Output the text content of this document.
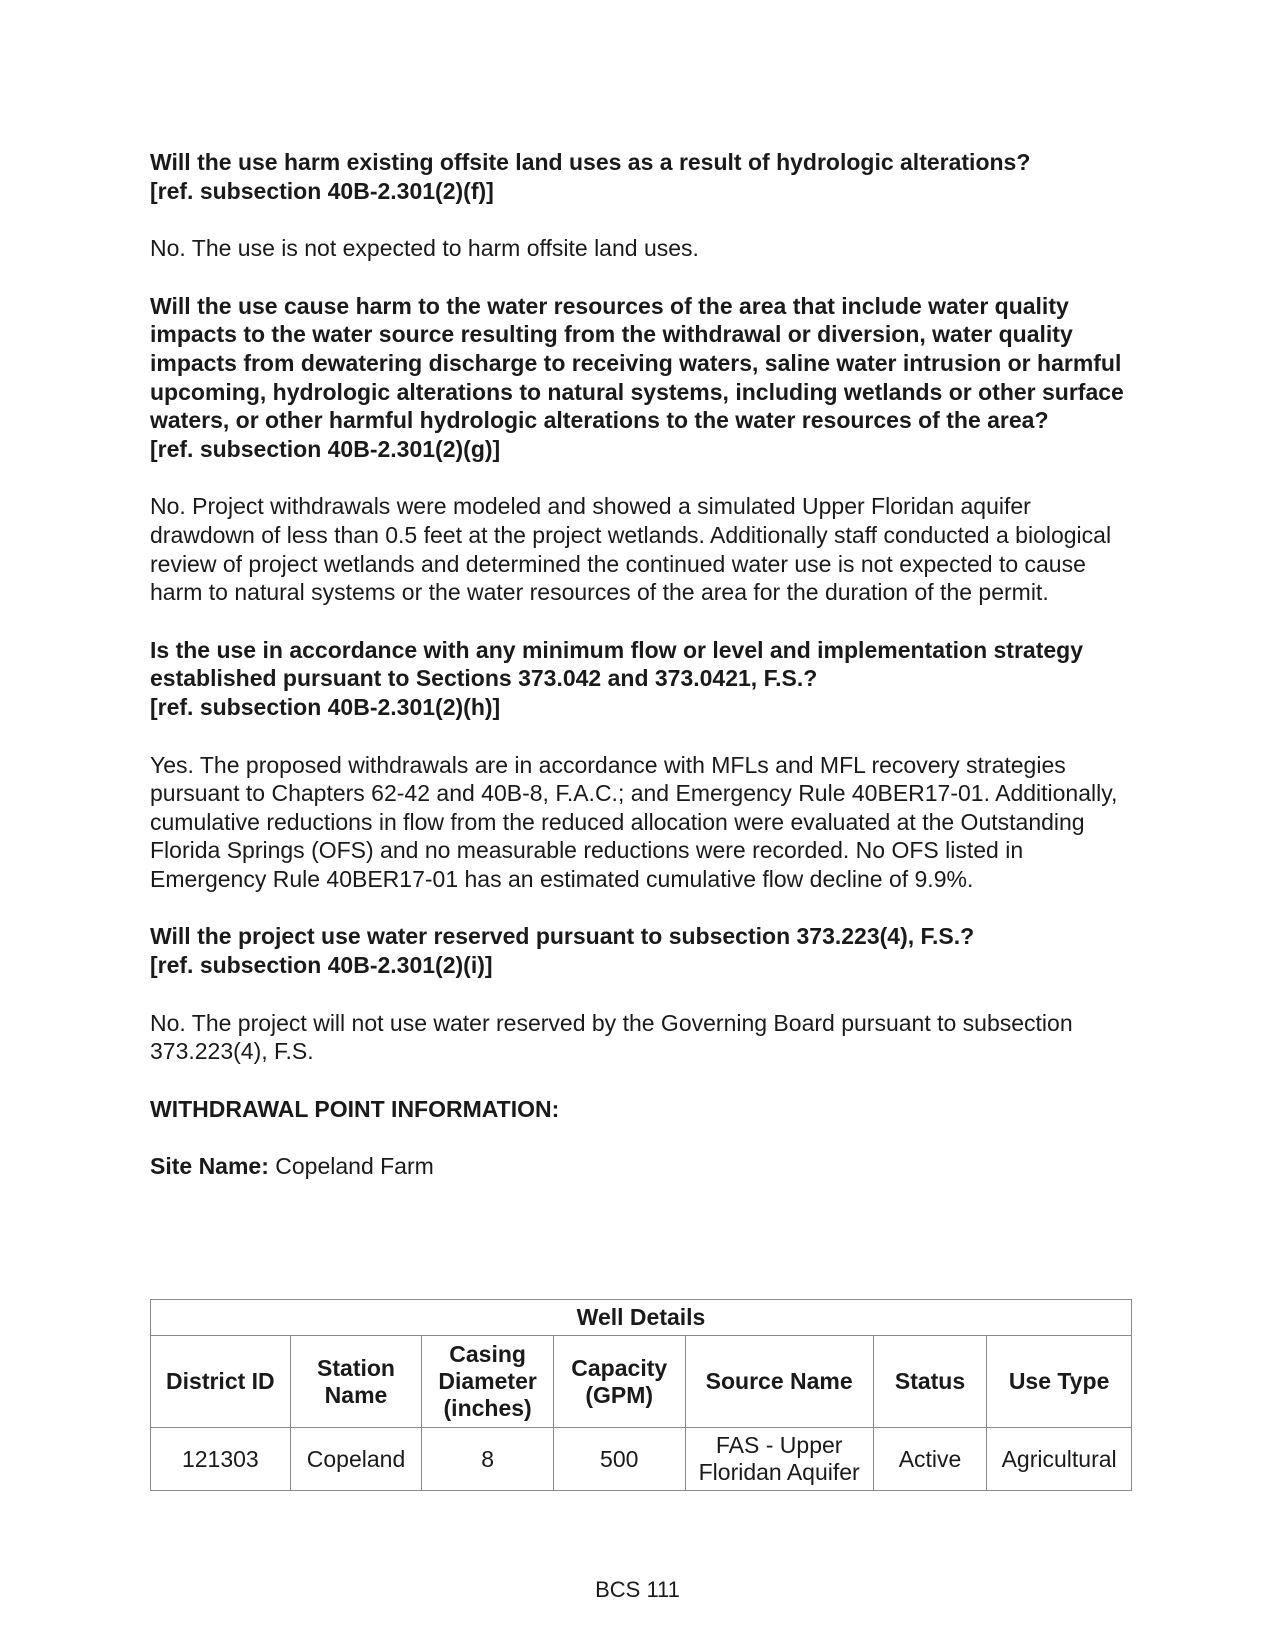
Will the use harm existing offsite land uses as a result of hydrologic alterations?
[ref. subsection 40B-2.301(2)(f)]

No. The use is not expected to harm offsite land uses.

Will the use cause harm to the water resources of the area that include water quality impacts to the water source resulting from the withdrawal or diversion, water quality impacts from dewatering discharge to receiving waters, saline water intrusion or harmful upcoming, hydrologic alterations to natural systems, including wetlands or other surface waters, or other harmful hydrologic alterations to the water resources of the area?
[ref. subsection 40B-2.301(2)(g)]

No. Project withdrawals were modeled and showed a simulated Upper Floridan aquifer drawdown of less than 0.5 feet at the project wetlands. Additionally staff conducted a biological review of project wetlands and determined the continued water use is not expected to cause harm to natural systems or the water resources of the area for the duration of the permit.

Is the use in accordance with any minimum flow or level and implementation strategy established pursuant to Sections 373.042 and 373.0421, F.S.?
[ref. subsection 40B-2.301(2)(h)]

Yes. The proposed withdrawals are in accordance with MFLs and MFL recovery strategies pursuant to Chapters 62-42 and 40B-8, F.A.C.; and Emergency Rule 40BER17-01. Additionally, cumulative reductions in flow from the reduced allocation were evaluated at the Outstanding Florida Springs (OFS) and no measurable reductions were recorded. No OFS listed in Emergency Rule 40BER17-01 has an estimated cumulative flow decline of 9.9%.

Will the project use water reserved pursuant to subsection 373.223(4), F.S.?
[ref. subsection 40B-2.301(2)(i)]

No. The project will not use water reserved by the Governing Board pursuant to subsection 373.223(4), F.S.

WITHDRAWAL POINT INFORMATION:

Site Name: Copeland Farm

Well Details						
District ID	Station Name	Casing Diameter (inches)	Capacity (GPM)	Source Name	Status	Use Type
121303	Copeland	8	500	FAS - Upper Floridan Aquifer	Active	Agricultural
BCS 111
